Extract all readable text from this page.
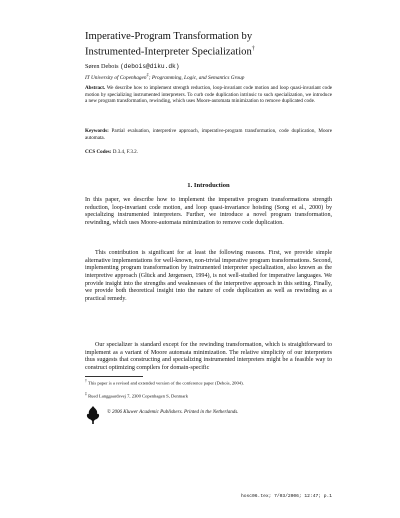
Imperative-Program Transformation by
Instrumented-Interpreter Specialization†
Søren Debois (debois@diku.dk)
IT University of Copenhagen‡; Programming, Logic, and Semantics Group
Abstract. We describe how to implement strength reduction, loop-invariant code motion and loop quasi-invariant code motion by specializing instrumented interpreters. To curb code duplication intrinsic to such specialization, we introduce a new program transformation, rewinding, which uses Moore-automata minimization to remove duplicated code.
Keywords: Partial evaluation, interpretive approach, imperative-program transformation, code duplication, Moore automata.
CCS Codes: D.3.4, F.3.2.
1. Introduction
In this paper, we describe how to implement the imperative program transformations strength reduction, loop-invariant code motion, and loop quasi-invariance hoisting (Song et al., 2000) by specializing instrumented interpreters. Further, we introduce a novel program transformation, rewinding, which uses Moore-automata minimization to remove code duplication.
This contribution is significant for at least the following reasons. First, we provide simple alternative implementations for well-known, non-trivial imperative program transformations. Second, implementing program transformation by instrumented interpreter specialization, also known as the interpretive approach (Glück and Jørgensen, 1994), is not well-studied for imperative languages. We provide insight into the strengths and weaknesses of the interpretive approach in this setting. Finally, we provide both theoretical insight into the nature of code duplication as well as rewinding as a practical remedy.
Our specializer is standard except for the rewinding transformation, which is straightforward to implement as a variant of Moore automata minimization. The relative simplicity of our interpreters thus suggests that constructing and specializing instrumented interpreters might be a feasible way to construct optimizing compilers for domain-specific
† This paper is a revised and extended version of the conference paper (Debois, 2004).
‡ Rued Langgaardsvej 7, 2300 Copenhagen S, Denmark
© 2006 Kluwer Academic Publishers. Printed in the Netherlands.
hosc06.tex; 7/03/2006; 12:47; p.1
